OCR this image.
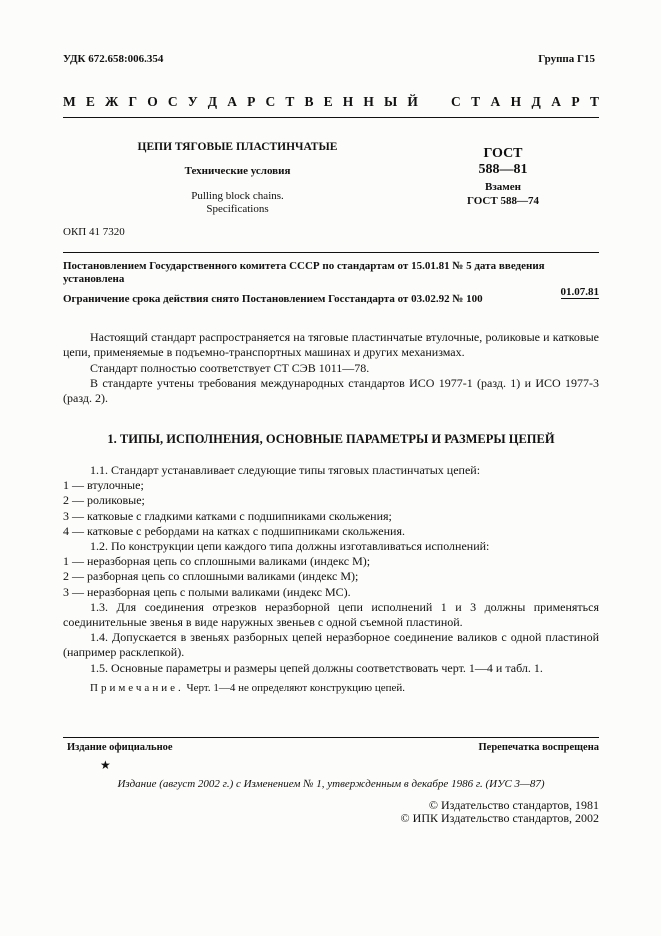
УДК 672.658:006.354	Группа Г15
М Е Ж Г О С У Д А Р С Т В Е Н Н Ы Й С Т А Н Д А Р Т
ЦЕПИ ТЯГОВЫЕ ПЛАСТИНЧАТЫЕ
Технические условия
Pulling block chains.
Specifications
ГОСТ
588—81
Взамен
ГОСТ 588—74
ОКП 41 7320
Постановлением Государственного комитета СССР по стандартам от 15.01.81 № 5 дата введения установлена
01.07.81
Ограничение срока действия снято Постановлением Госстандарта от 03.02.92 № 100
Настоящий стандарт распространяется на тяговые пластинчатые втулочные, роликовые и катковые цепи, применяемые в подъемно-транспортных машинах и других механизмах.
Стандарт полностью соответствует СТ СЭВ 1011—78.
В стандарте учтены требования международных стандартов ИСО 1977-1 (разд. 1) и ИСО 1977-3 (разд. 2).
1. ТИПЫ, ИСПОЛНЕНИЯ, ОСНОВНЫЕ ПАРАМЕТРЫ И РАЗМЕРЫ ЦЕПЕЙ
1.1. Стандарт устанавливает следующие типы тяговых пластинчатых цепей:
1 — втулочные;
2 — роликовые;
3 — катковые с гладкими катками с подшипниками скольжения;
4 — катковые с ребордами на катках с подшипниками скольжения.
1.2. По конструкции цепи каждого типа должны изготавливаться исполнений:
1 — неразборная цепь со сплошными валиками (индекс М);
2 — разборная цепь со сплошными валиками (индекс М);
3 — неразборная цепь с полыми валиками (индекс МС).
1.3. Для соединения отрезков неразборной цепи исполнений 1 и 3 должны применяться соединительные звенья в виде наружных звеньев с одной съемной пластиной.
1.4. Допускается в звеньях разборных цепей неразборное соединение валиков с одной пластиной (например расклепкой).
1.5. Основные параметры и размеры цепей должны соответствовать черт. 1—4 и табл. 1.
Примечание. Черт. 1—4 не определяют конструкцию цепей.
Издание официальное	Перепечатка воспрещена
★
Издание (август 2002 г.) с Изменением № 1, утвержденным в декабре 1986 г. (ИУС 3—87)
© Издательство стандартов, 1981
© ИПК Издательство стандартов, 2002
